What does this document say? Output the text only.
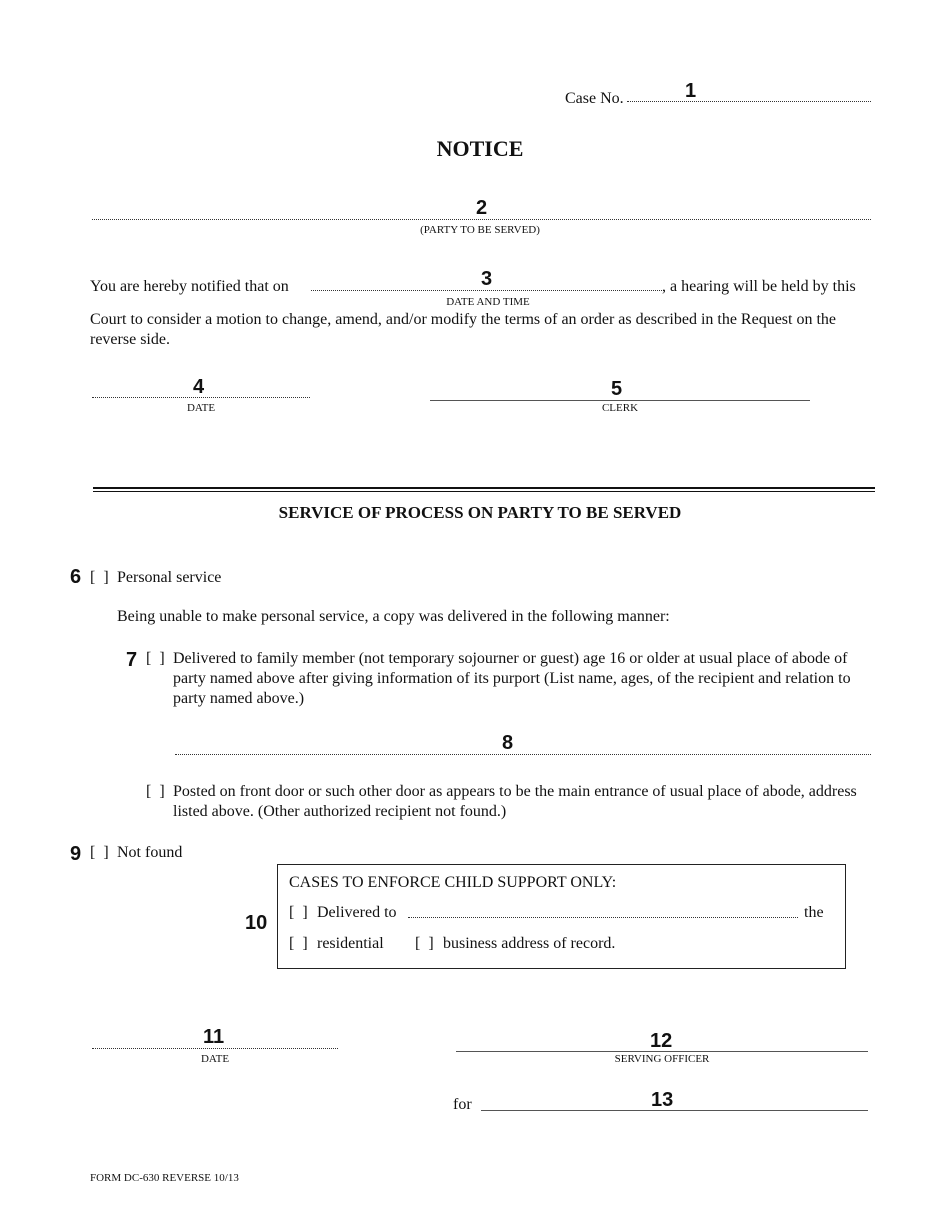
Case No.	1
NOTICE
2
(PARTY TO BE SERVED)
You are hereby notified that on	3	, a hearing will be held by this
DATE AND TIME
Court to consider a motion to change, amend, and/or modify the terms of an order as described in the Request on the reverse side.
4
DATE
5
CLERK
SERVICE OF PROCESS ON PARTY TO BE SERVED
6 [  ] Personal service
Being unable to make personal service, a copy was delivered in the following manner:
7 [  ] Delivered to family member (not temporary sojourner or guest) age 16 or older at usual place of abode of party named above after giving information of its purport (List name, ages, of the recipient and relation to party named above.)
8
[  ] Posted on front door or such other door as appears to be the main entrance of usual place of abode, address listed above. (Other authorized recipient not found.)
9 [  ] Not found
10
CASES TO ENFORCE CHILD SUPPORT ONLY:
[  ] Delivered to	the
[  ] residential [  ] business address of record.
11
DATE
12
SERVING OFFICER
for	13
FORM DC-630 REVERSE 10/13
